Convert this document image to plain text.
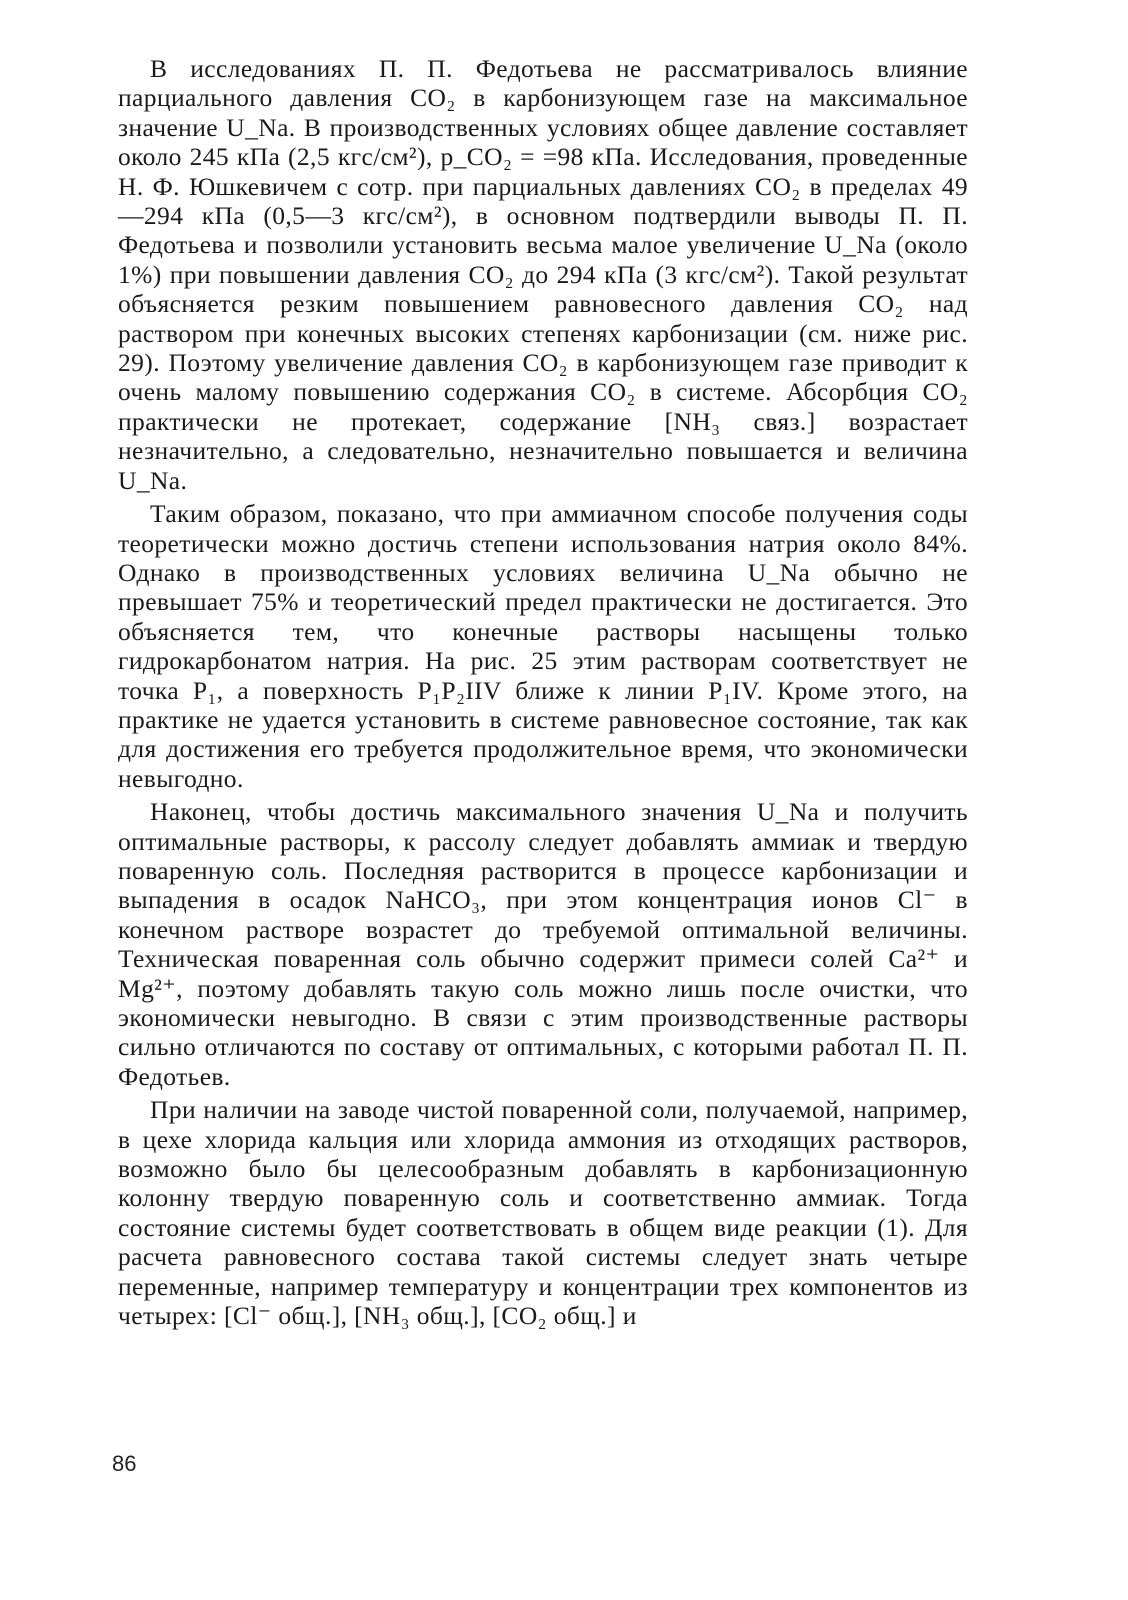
В исследованиях П. П. Федотьева не рассматривалось влияние парциального давления CO₂ в карбонизующем газе на максимальное значение U_Na. В производственных условиях общее давление составляет около 245 кПа (2,5 кгс/см²), p_CO₂ = =98 кПа. Исследования, проведенные Н. Ф. Юшкевичем с сотр. при парциальных давлениях CO₂ в пределах 49—294 кПа (0,5—3 кгс/см²), в основном подтвердили выводы П. П. Федотьева и позволили установить весьма малое увеличение U_Na (около 1%) при повышении давления CO₂ до 294 кПа (3 кгс/см²). Такой результат объясняется резким повышением равновесного давления CO₂ над раствором при конечных высоких степенях карбонизации (см. ниже рис. 29). Поэтому увеличение давления CO₂ в карбонизующем газе приводит к очень малому повышению содержания CO₂ в системе. Абсорбция CO₂ практически не протекает, содержание [NH₃ связ.] возрастает незначительно, а следовательно, незначительно повышается и величина U_Na.

Таким образом, показано, что при аммиачном способе получения соды теоретически можно достичь степени использования натрия около 84%. Однако в производственных условиях величина U_Na обычно не превышает 75% и теоретический предел практически не достигается. Это объясняется тем, что конечные растворы насыщены только гидрокарбонатом натрия. На рис. 25 этим растворам соответствует не точка P₁, а поверхность P₁P₂IIV ближе к линии P₁IV. Кроме этого, на практике не удается установить в системе равновесное состояние, так как для достижения его требуется продолжительное время, что экономически невыгодно.

Наконец, чтобы достичь максимального значения U_Na и получить оптимальные растворы, к рассолу следует добавлять аммиак и твердую поваренную соль. Последняя растворится в процессе карбонизации и выпадения в осадок NaHCO₃, при этом концентрация ионов Cl⁻ в конечном растворе возрастет до требуемой оптимальной величины. Техническая поваренная соль обычно содержит примеси солей Ca²⁺ и Mg²⁺, поэтому добавлять такую соль можно лишь после очистки, что экономически невыгодно. В связи с этим производственные растворы сильно отличаются по составу от оптимальных, с которыми работал П. П. Федотьев.

При наличии на заводе чистой поваренной соли, получаемой, например, в цехе хлорида кальция или хлорида аммония из отходящих растворов, возможно было бы целесообразным добавлять в карбонизационную колонну твердую поваренную соль и соответственно аммиак. Тогда состояние системы будет соответствовать в общем виде реакции (1). Для расчета равновесного состава такой системы следует знать четыре переменные, например температуру и концентрации трех компонентов из четырех: [Cl⁻ общ.], [NH₃ общ.], [CO₂ общ.] и

86
